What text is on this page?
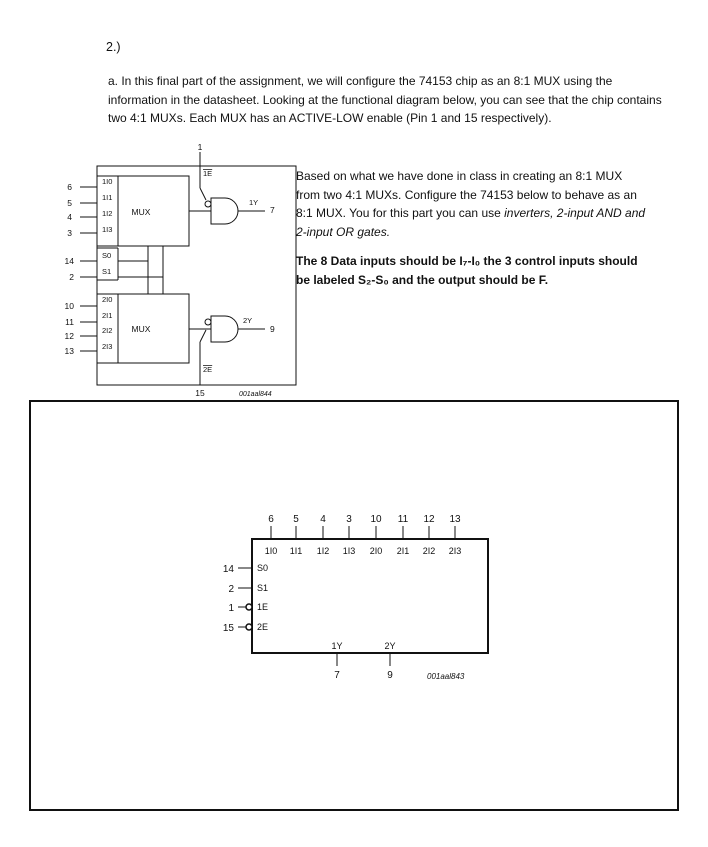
2.)

a. In this final part of the assignment, we will configure the 74153 chip as an 8:1 MUX using the information in the datasheet. Looking at the functional diagram below, you can see that the chip contains two 4:1 MUXs. Each MUX has an ACTIVE-LOW enable (Pin 1 and 15 respectively).

Based on what we have done in class in creating an 8:1 MUX from two 4:1 MUXs. Configure the 74153 below to behave as an 8:1 MUX. You for this part you can use inverters, 2-input AND and 2-input OR gates.

The 8 Data inputs should be I₇-I₀ the 3 control inputs should be labeled S₂-S₀ and the output should be F.

6
5
4
3
14
2
10
11
12
13
1
15
7
9
1I0
1I1
1I2
1I3
S0
S1
2I0
2I1
2I2
2I3
MUX
MUX
1E
2E
1Y
2Y
001aal844
6 5 4 3 10 11 12 13
14
2
1
15
7	9
1I0 1I1 1I2 1I3 2I0 2I1 2I2 2I3
S0
S1
1E
2E
1Y	2Y
001aal843
